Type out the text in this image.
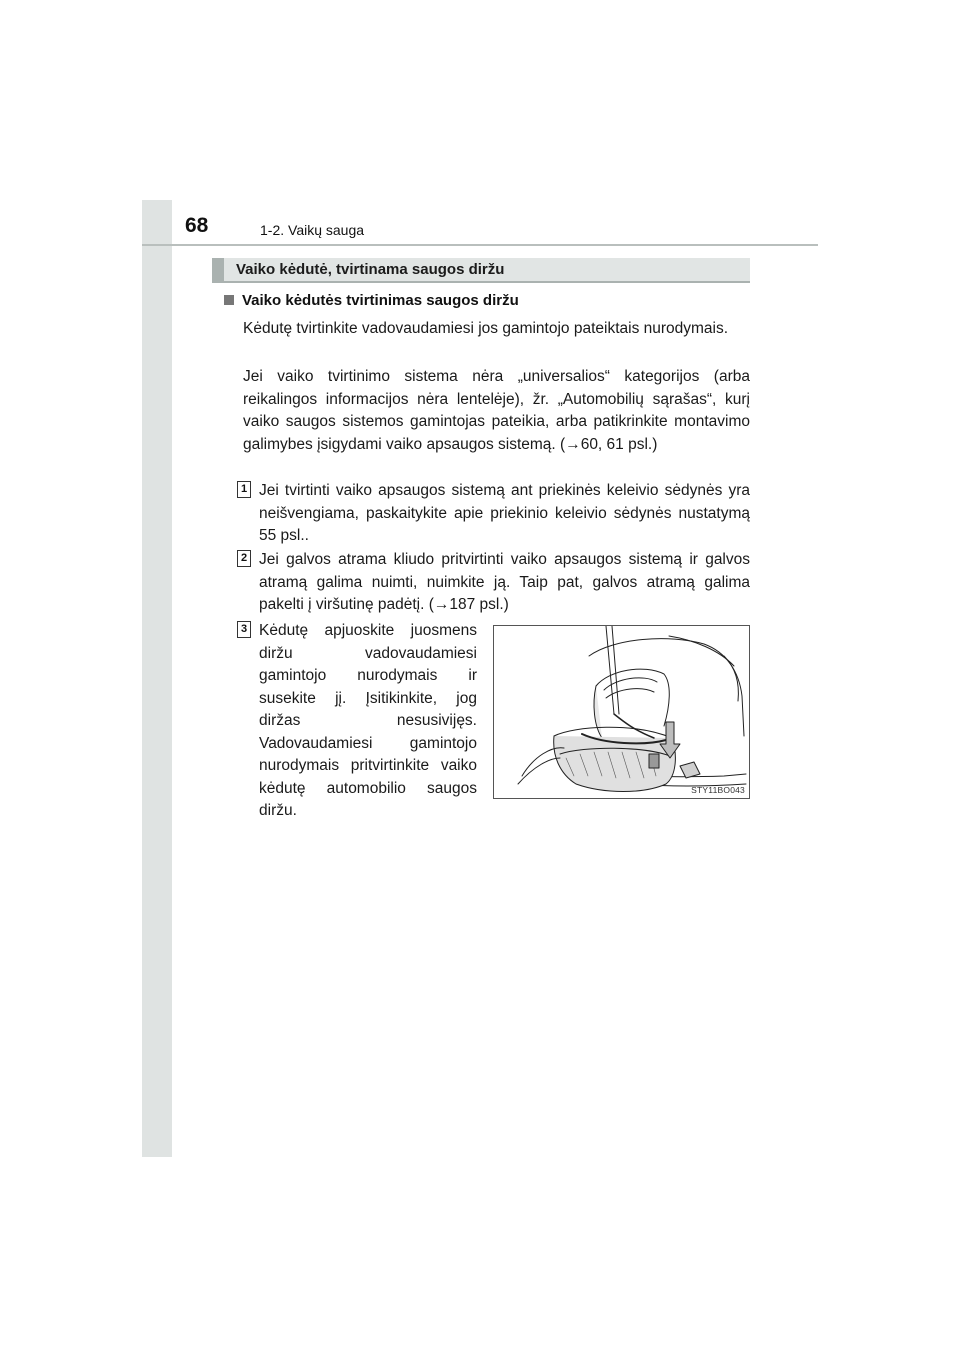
68	1-2. Vaikų sauga
Vaiko kėdutė, tvirtinama saugos diržu
Vaiko kėdutės tvirtinimas saugos diržu

Kėdutę tvirtinkite vadovaudamiesi jos gamintojo pateiktais nurodymais.

Jei vaiko tvirtinimo sistema nėra „universalios“ kategorijos (arba reikalingos informacijos nėra lentelėje), žr. „Automobilių sąrašas“, kurį vaiko saugos sistemos gamintojas pateikia, arba patikrinkite montavimo galimybes įsigydami vaiko apsaugos sistemą. (→60, 61 psl.)

1 Jei tvirtinti vaiko apsaugos sistemą ant priekinės keleivio sėdynės yra neišvengiama, paskaitykite apie priekinio keleivio sėdynės nustatymą 55 psl..

2 Jei galvos atrama kliudo pritvirtinti vaiko apsaugos sistemą ir galvos atramą galima nuimti, nuimkite ją. Taip pat, galvos atramą galima pakelti į viršutinę padėtį. (→187 psl.)

3 Kėdutę apjuoskite juosmens diržu vadovaudamiesi gamintojo nurodymais ir susekite jį. Įsitikinkite, jog diržas nesusivijęs. Vadovaudamiesi gamintojo nurodymais pritvirtinkite vaiko kėdutę automobilio saugos diržu.

STY11BO043
